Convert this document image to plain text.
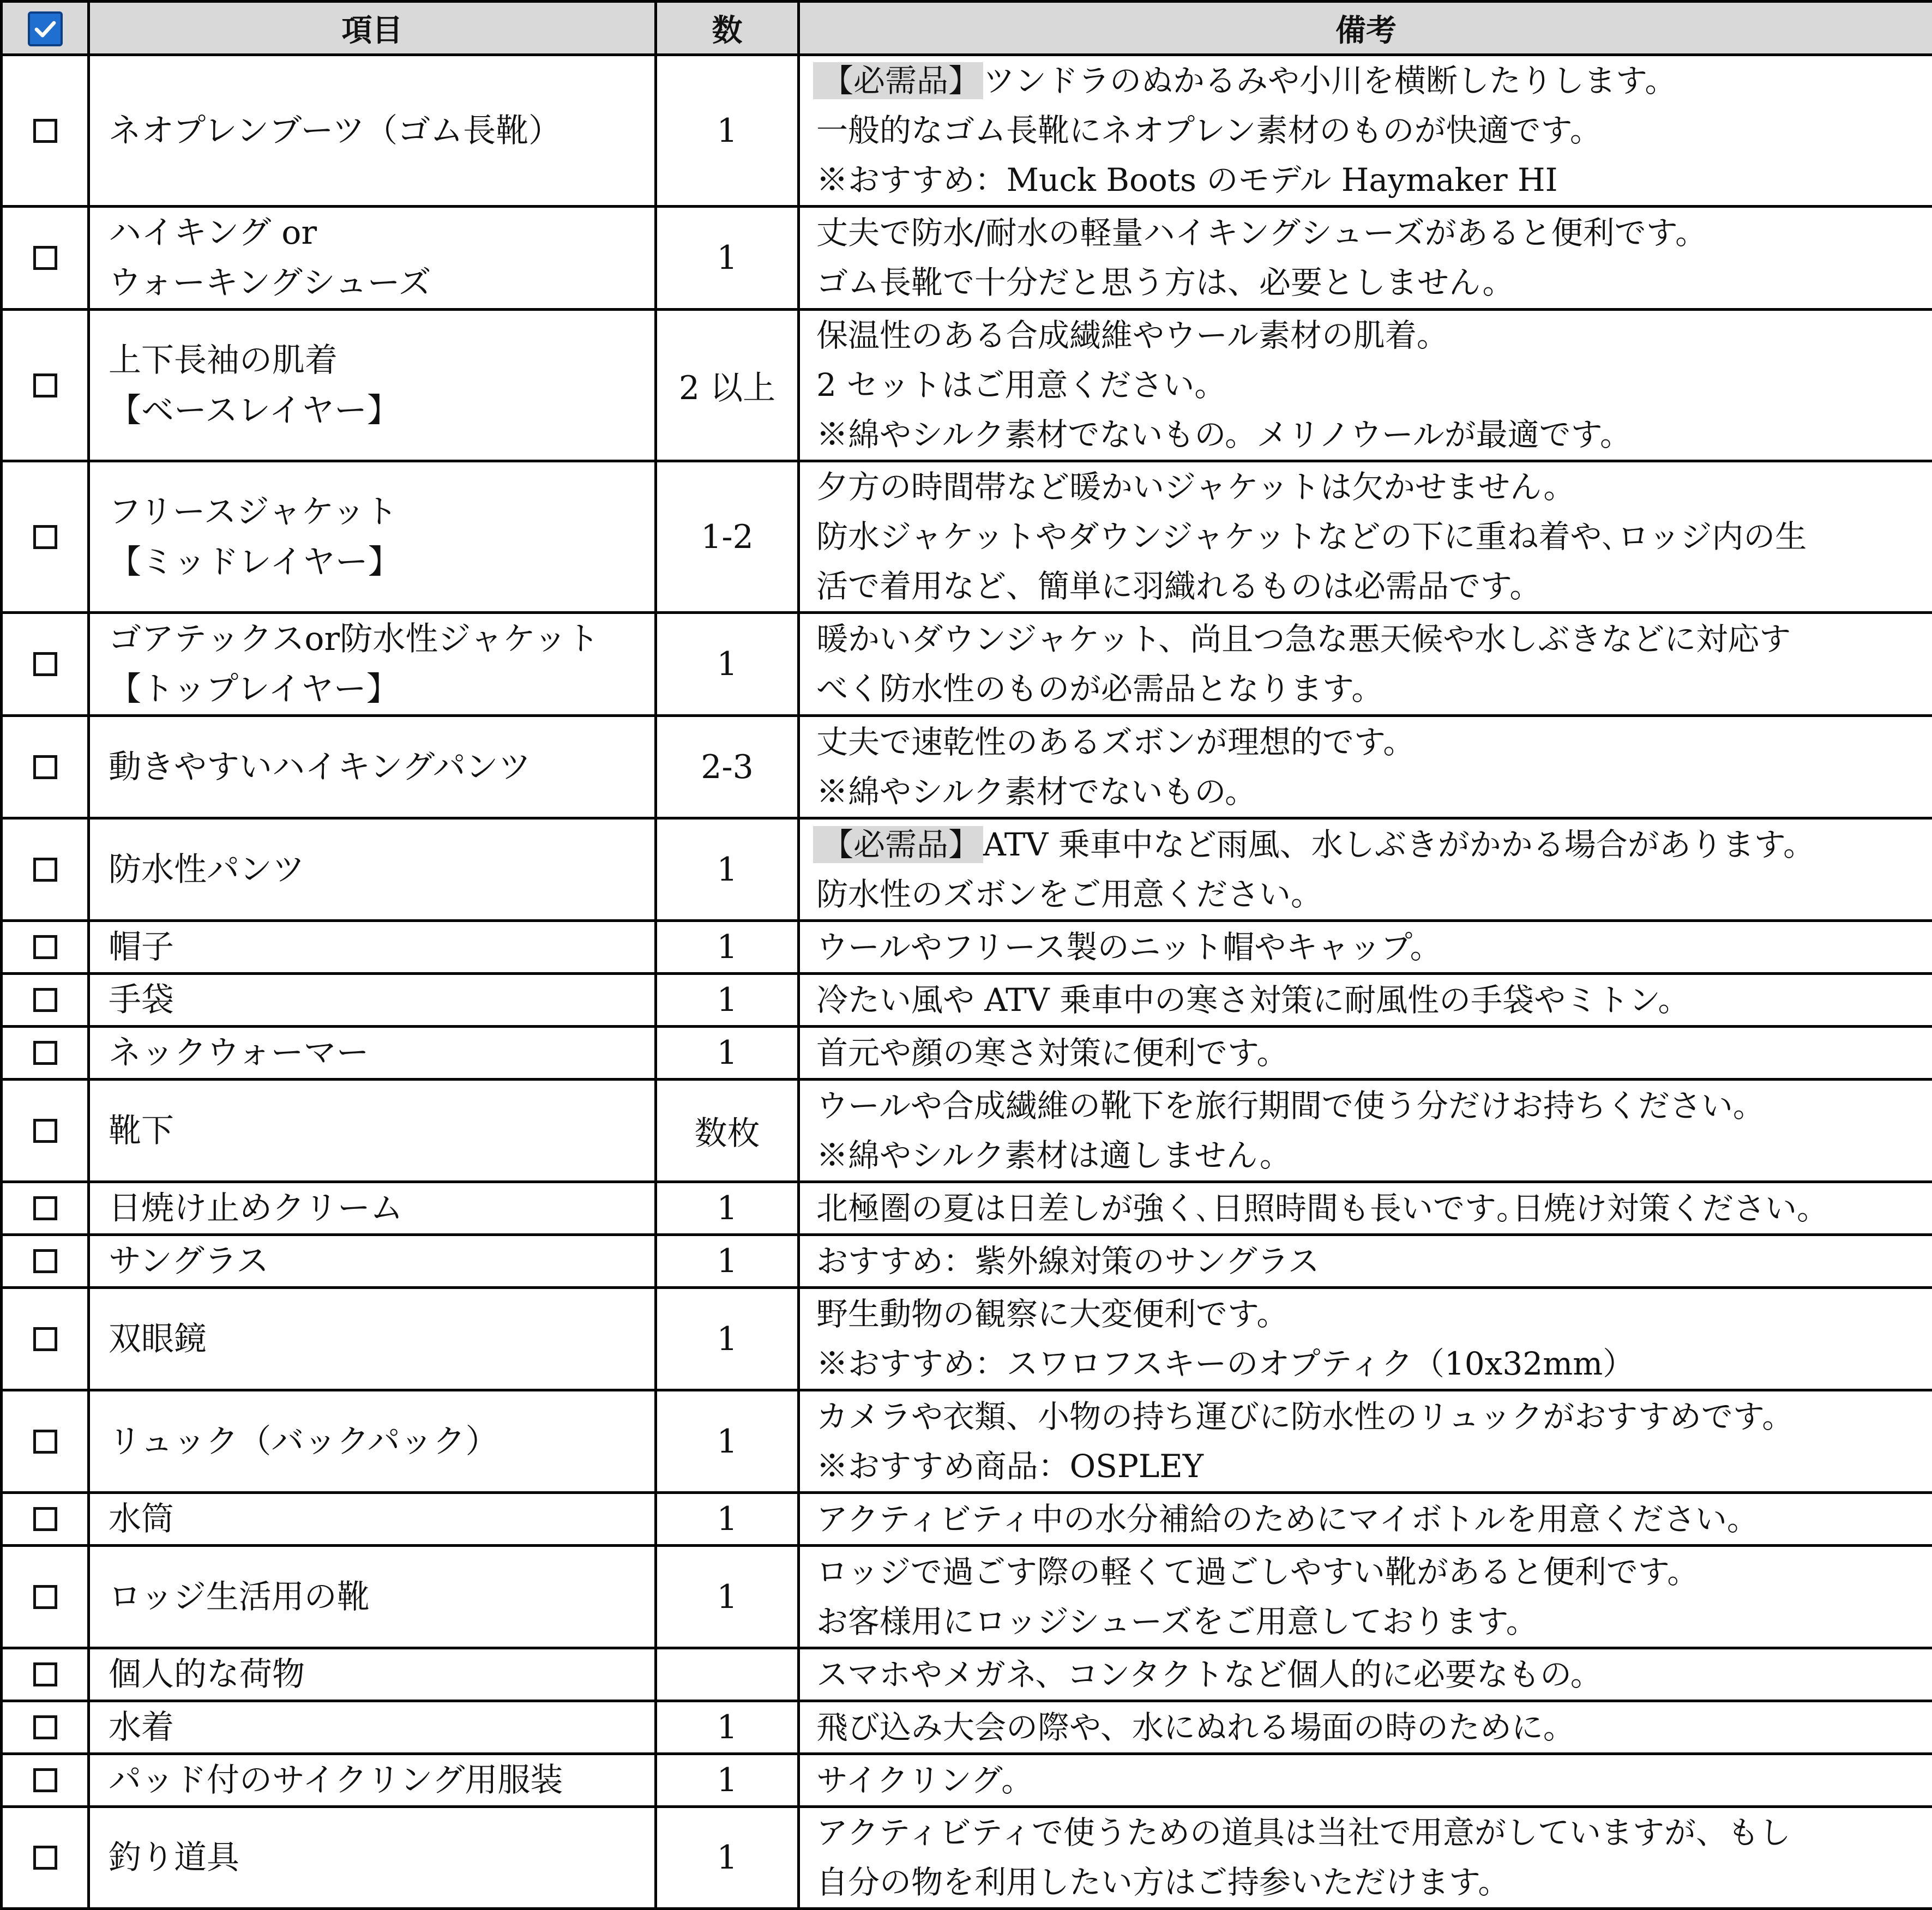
	項目	数	備考

	ネオプレンブーツ（ゴム長靴）	1	【必需品】 ツンドラのぬかるみや小川を横断したりします。
一般的なゴム長靴にネオプレン素材のものが快適です。
※おすすめ：Muck Boots のモデル Haymaker HI

	ハイキング or
ウォーキングシューズ	1	丈夫で防水/耐水の軽量ハイキングシューズがあると便利です。
ゴム長靴で十分だと思う方は、必要としません。

	上下長袖の肌着
【ベースレイヤー】	2 以上	保温性のある合成繊維やウール素材の肌着。
2 セットはご用意ください。
※綿やシルク素材でないもの。メリノウールが最適です。

	フリースジャケット
【ミッドレイヤー】	1-2	夕方の時間帯など暖かいジャケットは欠かせません。
防水ジャケットやダウンジャケットなどの下に重ね着や､ロッジ内の生
活で着用など、簡単に羽織れるものは必需品です。

	ゴアテックスor防水性ジャケット
【トップレイヤー】	1	暖かいダウンジャケット、尚且つ急な悪天候や水しぶきなどに対応す
べく防水性のものが必需品となります。

	動きやすいハイキングパンツ	2-3	丈夫で速乾性のあるズボンが理想的です。
※綿やシルク素材でないもの。

	防水性パンツ	1	【必需品】 ATV 乗車中など雨風、水しぶきがかかる場合があります。
防水性のズボンをご用意ください。

	帽子	1	ウールやフリース製のニット帽やキャップ。

	手袋	1	冷たい風や ATV 乗車中の寒さ対策に耐風性の手袋やミトン。

	ネックウォーマー	1	首元や顔の寒さ対策に便利です。

	靴下	数枚	ウールや合成繊維の靴下を旅行期間で使う分だけお持ちください。
※綿やシルク素材は適しません。

	日焼け止めクリーム	1	北極圏の夏は日差しが強く､日照時間も長いです｡日焼け対策ください。

	サングラス	1	おすすめ：紫外線対策のサングラス

	双眼鏡	1	野生動物の観察に大変便利です。
※おすすめ：スワロフスキーのオプティク（10x32mm）

	リュック（バックパック）	1	カメラや衣類、小物の持ち運びに防水性のリュックがおすすめです。
※おすすめ商品：OSPLEY

	水筒	1	アクティビティ中の水分補給のためにマイボトルを用意ください。

	ロッジ生活用の靴	1	ロッジで過ごす際の軽くて過ごしやすい靴があると便利です。
お客様用にロッジシューズをご用意しております。

	個人的な荷物		スマホやメガネ、コンタクトなど個人的に必要なもの。

	水着	1	飛び込み大会の際や、水にぬれる場面の時のために。

	パッド付のサイクリング用服装	1	サイクリング。

	釣り道具	1	アクティビティで使うための道具は当社で用意がしていますが、もし
自分の物を利用したい方はご持参いただけます。
